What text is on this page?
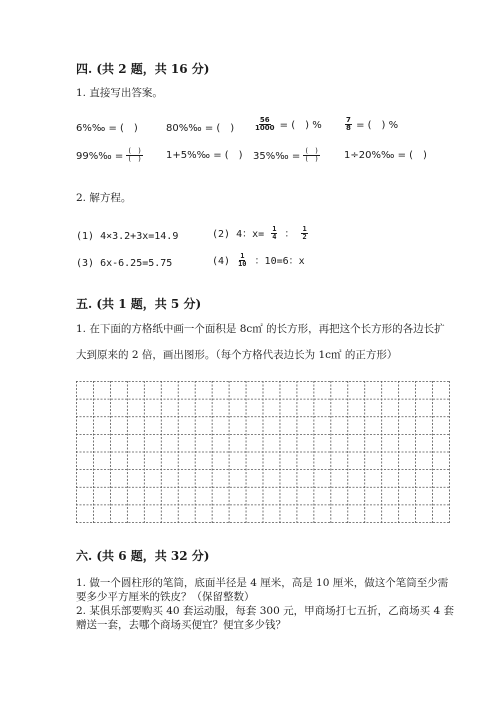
四. (共 2 题，共 16 分)
1. 直接写出答案。
6%‰ = (　)	80%‰ = (　)	$\frac{56}{1000}$ = (　) %	$\frac{7}{8}$ = (　) %
99%‰ = $\frac{( )}{( )}$ 1+5%‰ = (　) 35%‰ = $\frac{( )}{( )}$ 1÷20%‰ = (　)
2. 解方程。
(1) 4×3.2+3x=14.9	(2) 4：$x= \frac{1}{4}$ ： $\frac{1}{2}$
(3) 6x-6.25=5.75	$(4) \frac{1}{10}$ ：10=6：x
五. (共 1 题，共 5 分)
1. 在下面的方格纸中画一个面积是 8c㎡ 的长方形，再把这个长方形的各边长扩
大到原来的 2 倍，画出图形。（每个方格代表边长为 1c㎡ 的正方形）
六. (共 6 题，共 32 分)
1. 做一个圆柱形的笔筒，底面半径是 4 厘米，高是 10 厘米，做这个笔筒至少需
要多少平方厘米的铁皮？（保留整数）
2. 某俱乐部要购买 40 套运动服，每套 300 元，甲商场打七五折，乙商场买 4 套
赠送一套，去哪个商场买便宜？便宜多少钱？
